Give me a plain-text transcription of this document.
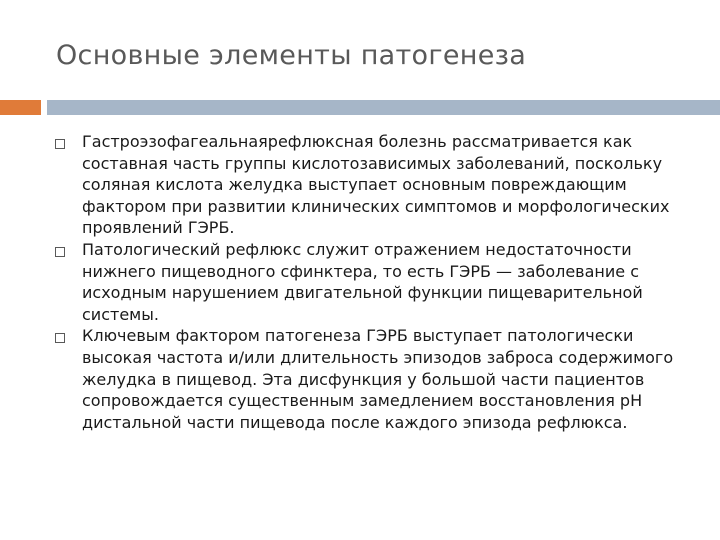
Основные элементы патогенеза
Гастроэзофагеальнаярефлюксная болезнь рассматривается как составная часть группы кислотозависимых заболеваний, поскольку соляная кислота желудка выступает основным повреждающим фактором при развитии клинических симптомов и морфологических проявлений ГЭРБ.
Патологический рефлюкс служит отражением недостаточности нижнего пищеводного сфинктера, то есть ГЭРБ — заболевание с исходным нарушением двигательной функции пищеварительной системы.
Ключевым фактором патогенеза ГЭРБ выступает патологически высокая частота и/или длительность эпизодов заброса содержимого желудка в пищевод. Эта дисфункция у большой части пациентов сопровождается существенным замедлением восстановления рН дистальной части пищевода после каждого эпизода рефлюкса.
